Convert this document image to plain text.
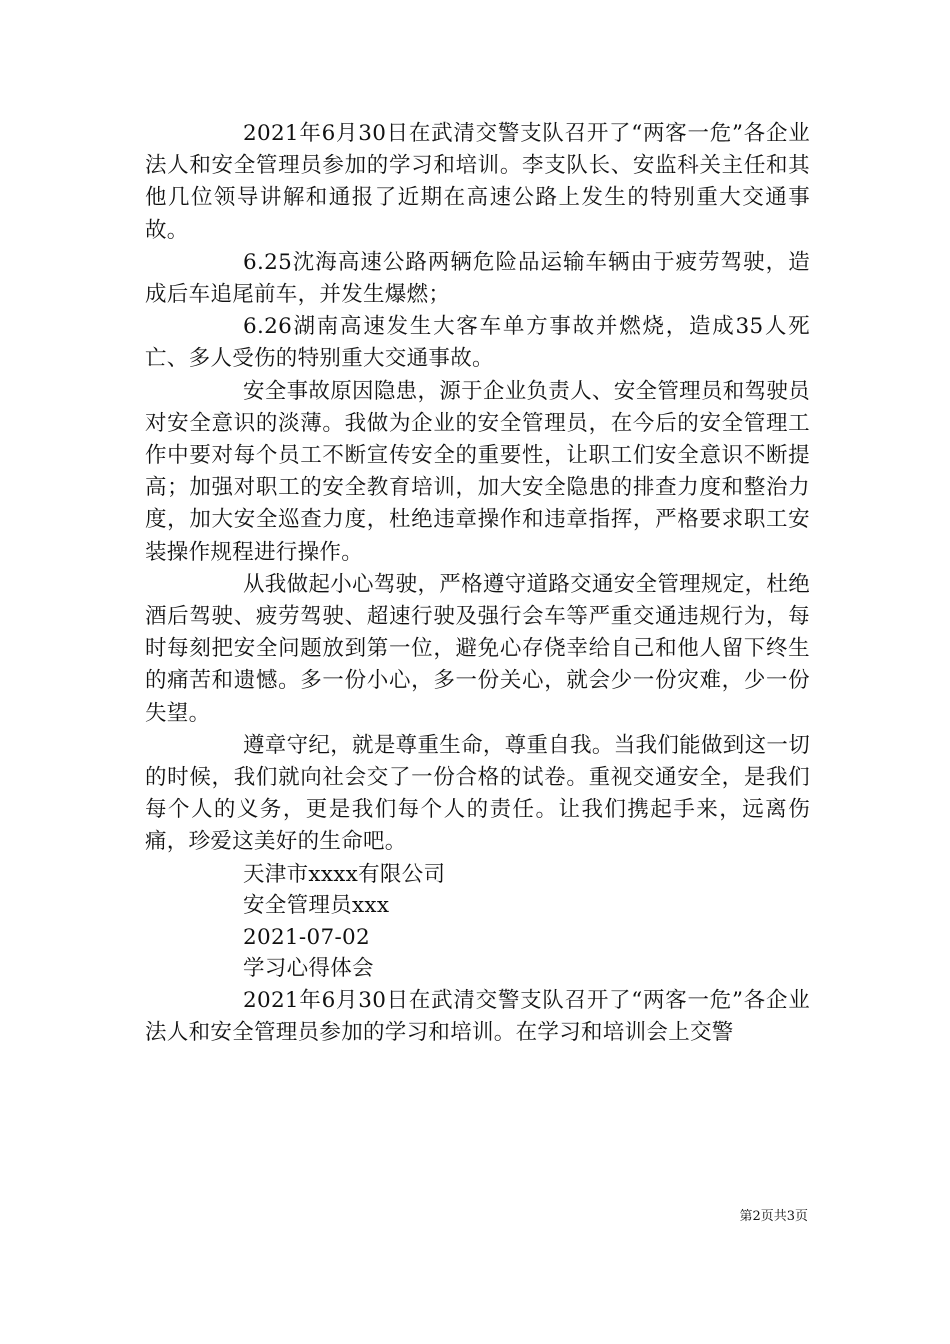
2021年6月30日在武清交警支队召开了“两客一危”各企业法人和安全管理员参加的学习和培训。李支队长、安监科关主任和其他几位领导讲解和通报了近期在高速公路上发生的特别重大交通事故。

6.25沈海高速公路两辆危险品运输车辆由于疲劳驾驶，造成后车追尾前车，并发生爆燃；

6.26湖南高速发生大客车单方事故并燃烧，造成35人死亡、多人受伤的特别重大交通事故。

安全事故原因隐患，源于企业负责人、安全管理员和驾驶员对安全意识的淡薄。我做为企业的安全管理员，在今后的安全管理工作中要对每个员工不断宣传安全的重要性，让职工们安全意识不断提高；加强对职工的安全教育培训，加大安全隐患的排查力度和整治力度，加大安全巡查力度，杜绝违章操作和违章指挥，严格要求职工安装操作规程进行操作。

从我做起小心驾驶，严格遵守道路交通安全管理规定，杜绝酒后驾驶、疲劳驾驶、超速行驶及强行会车等严重交通违规行为，每时每刻把安全问题放到第一位，避免心存侥幸给自己和他人留下终生的痛苦和遗憾。多一份小心，多一份关心，就会少一份灾难，少一份失望。

遵章守纪，就是尊重生命，尊重自我。当我们能做到这一切的时候，我们就向社会交了一份合格的试卷。重视交通安全，是我们每个人的义务，更是我们每个人的责任。让我们携起手来，远离伤痛，珍爱这美好的生命吧。

天津市xxxx有限公司

安全管理员xxx

2021-07-02

学习心得体会

2021年6月30日在武清交警支队召开了“两客一危”各企业法人和安全管理员参加的学习和培训。在学习和培训会上交警

第2页共3页
